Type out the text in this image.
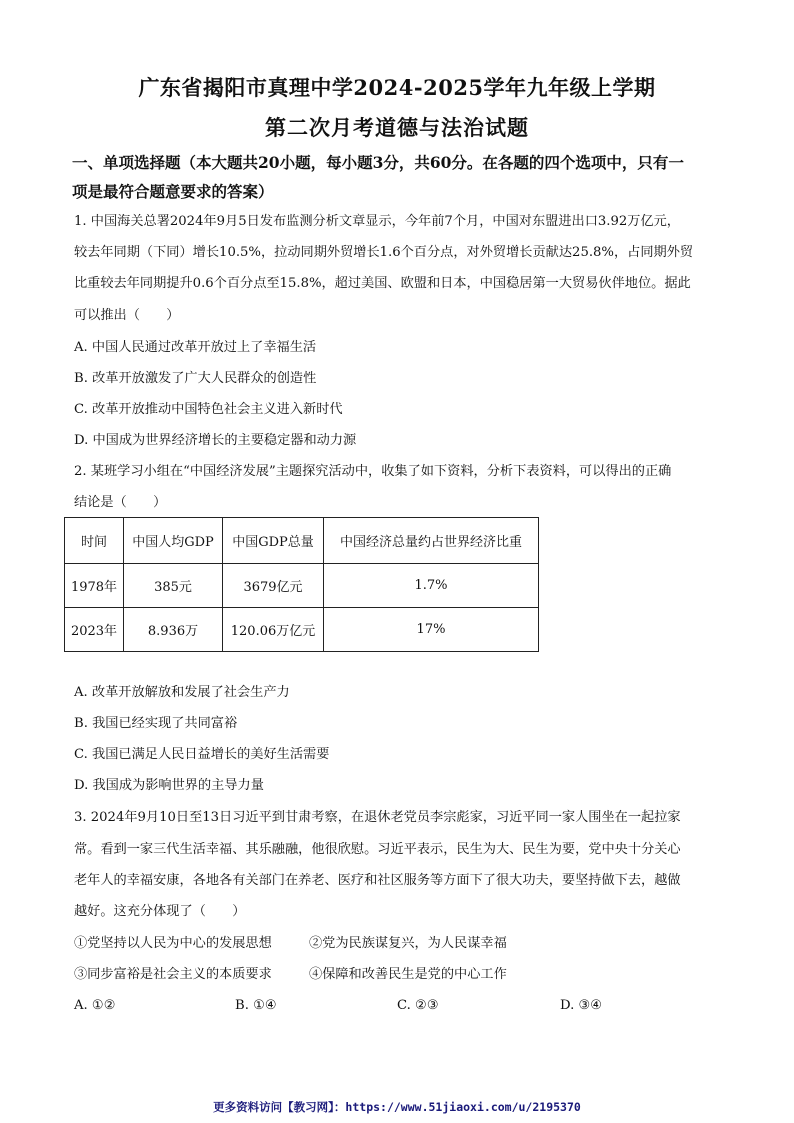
广东省揭阳市真理中学2024-2025学年九年级上学期
第二次月考道德与法治试题
一、单项选择题（本大题共20小题，每小题3分，共60分。在各题的四个选项中，只有一
项是最符合题意要求的答案）
1. 中国海关总署2024年9月5日发布监测分析文章显示，今年前7个月，中国对东盟进出口3.92万亿元，
较去年同期（下同）增长10.5%，拉动同期外贸增长1.6个百分点，对外贸增长贡献达25.8%，占同期外贸
比重较去年同期提升0.6个百分点至15.8%，超过美国、欧盟和日本，中国稳居第一大贸易伙伴地位。据此
可以推出（　　）
A. 中国人民通过改革开放过上了幸福生活
B. 改革开放激发了广大人民群众的创造性
C. 改革开放推动中国特色社会主义进入新时代
D. 中国成为世界经济增长的主要稳定器和动力源
2. 某班学习小组在“中国经济发展”主题探究活动中，收集了如下资料，分析下表资料，可以得出的正确
结论是（　　）
时间	中国人均GDP	中国GDP总量	中国经济总量约占世界经济比重
1978年	385元	3679亿元	1.7%
2023年	8.936万	120.06万亿元	17%
A. 改革开放解放和发展了社会生产力
B. 我国已经实现了共同富裕
C. 我国已满足人民日益增长的美好生活需要
D. 我国成为影响世界的主导力量
3. 2024年9月10日至13日习近平到甘肃考察，在退休老党员李宗彪家，习近平同一家人围坐在一起拉家
常。看到一家三代生活幸福、其乐融融，他很欣慰。习近平表示，民生为大、民生为要，党中央十分关心
老年人的幸福安康，各地各有关部门在养老、医疗和社区服务等方面下了很大功夫，要坚持做下去，越做
越好。这充分体现了（　　）
①党坚持以人民为中心的发展思想	②党为民族谋复兴，为人民谋幸福
③同步富裕是社会主义的本质要求	④保障和改善民生是党的中心工作
A. ①②	B. ①④	C. ②③	D. ③④
更多资料访问【教习网】：https://www.51jiaoxi.com/u/2195370
